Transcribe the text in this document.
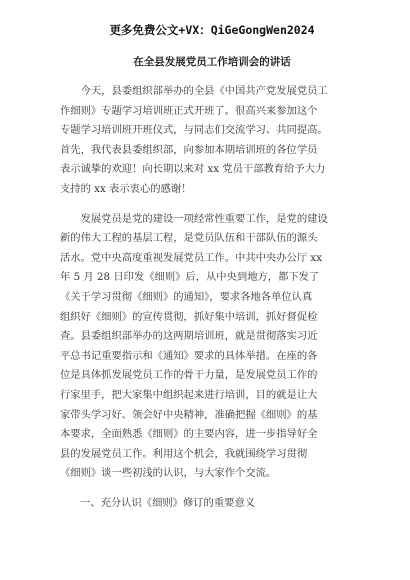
更多免费公文+VX：QiGeGongWen2024
在全县发展党员工作培训会的讲话
　　今天，县委组织部举办的全县《中国共产党发展党员工
作细则》专题学习培训班正式开班了。很高兴来参加这个
专题学习培训班开班仪式，与同志们交流学习、共同提高。
首先，我代表县委组织部，向参加本期培训班的各位学员
表示诚挚的欢迎！向长期以来对 xx 党员干部教育给予大力
支持的 xx 表示衷心的感谢！
　　发展党员是党的建设一项经常性重要工作，是党的建设
新的伟大工程的基层工程，是党员队伍和干部队伍的源头
活水。党中央高度重视发展党员工作。中共中央办公厅 xx
年 5 月 28 日印发《细则》后，从中央到地方，都下发了
《关于学习贯彻《细则》的通知》，要求各地各单位认真
组织好《细则》的宣传贯彻，抓好集中培训，抓好督促检
查。县委组织部举办的这两期培训班，就是贯彻落实习近
平总书记重要指示和《通知》要求的具体举措。在座的各
位是具体抓发展党员工作的骨干力量，是发展党员工作的
行家里手，把大家集中组织起来进行培训，目的就是让大
家带头学习好、领会好中央精神，准确把握《细则》的基
本要求，全面熟悉《细则》的主要内容，进一步指导好全
县的发展党员工作。利用这个机会，我就围绕学习贯彻
《细则》谈一些初浅的认识，与大家作个交流。
一、充分认识《细则》修订的重要意义
